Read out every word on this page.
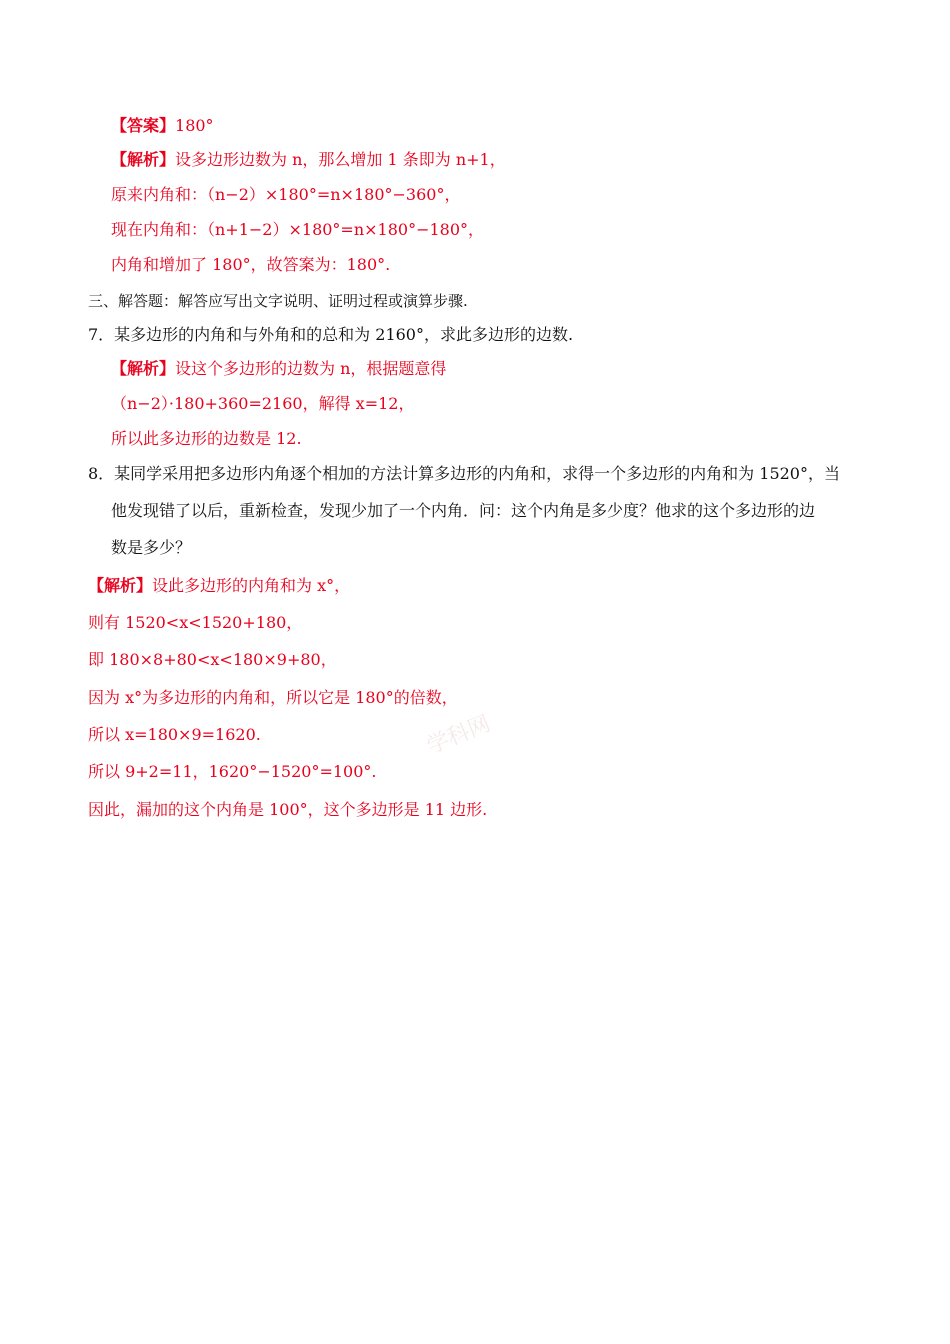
学科网
【答案】180°
【解析】设多边形边数为 n，那么增加 1 条即为 n+1，
原来内角和：（n−2）×180°=n×180°−360°，
现在内角和：（n+1−2）×180°=n×180°−180°，
内角和增加了 180°，故答案为：180°.
三、解答题：解答应写出文字说明、证明过程或演算步骤.
7．某多边形的内角和与外角和的总和为 2160°，求此多边形的边数.
【解析】设这个多边形的边数为 n，根据题意得
（n−2）·180+360=2160，解得 x=12，
所以此多边形的边数是 12.
8．某同学采用把多边形内角逐个相加的方法计算多边形的内角和，求得一个多边形的内角和为 1520°，当
他发现错了以后，重新检查，发现少加了一个内角．问：这个内角是多少度？他求的这个多边形的边
数是多少？
【解析】设此多边形的内角和为 x°，
则有 1520<x<1520+180，
即 180×8+80<x<180×9+80，
因为 x°为多边形的内角和，所以它是 180°的倍数，
所以 x=180×9=1620.
所以 9+2=11，1620°−1520°=100°.
因此，漏加的这个内角是 100°，这个多边形是 11 边形.
